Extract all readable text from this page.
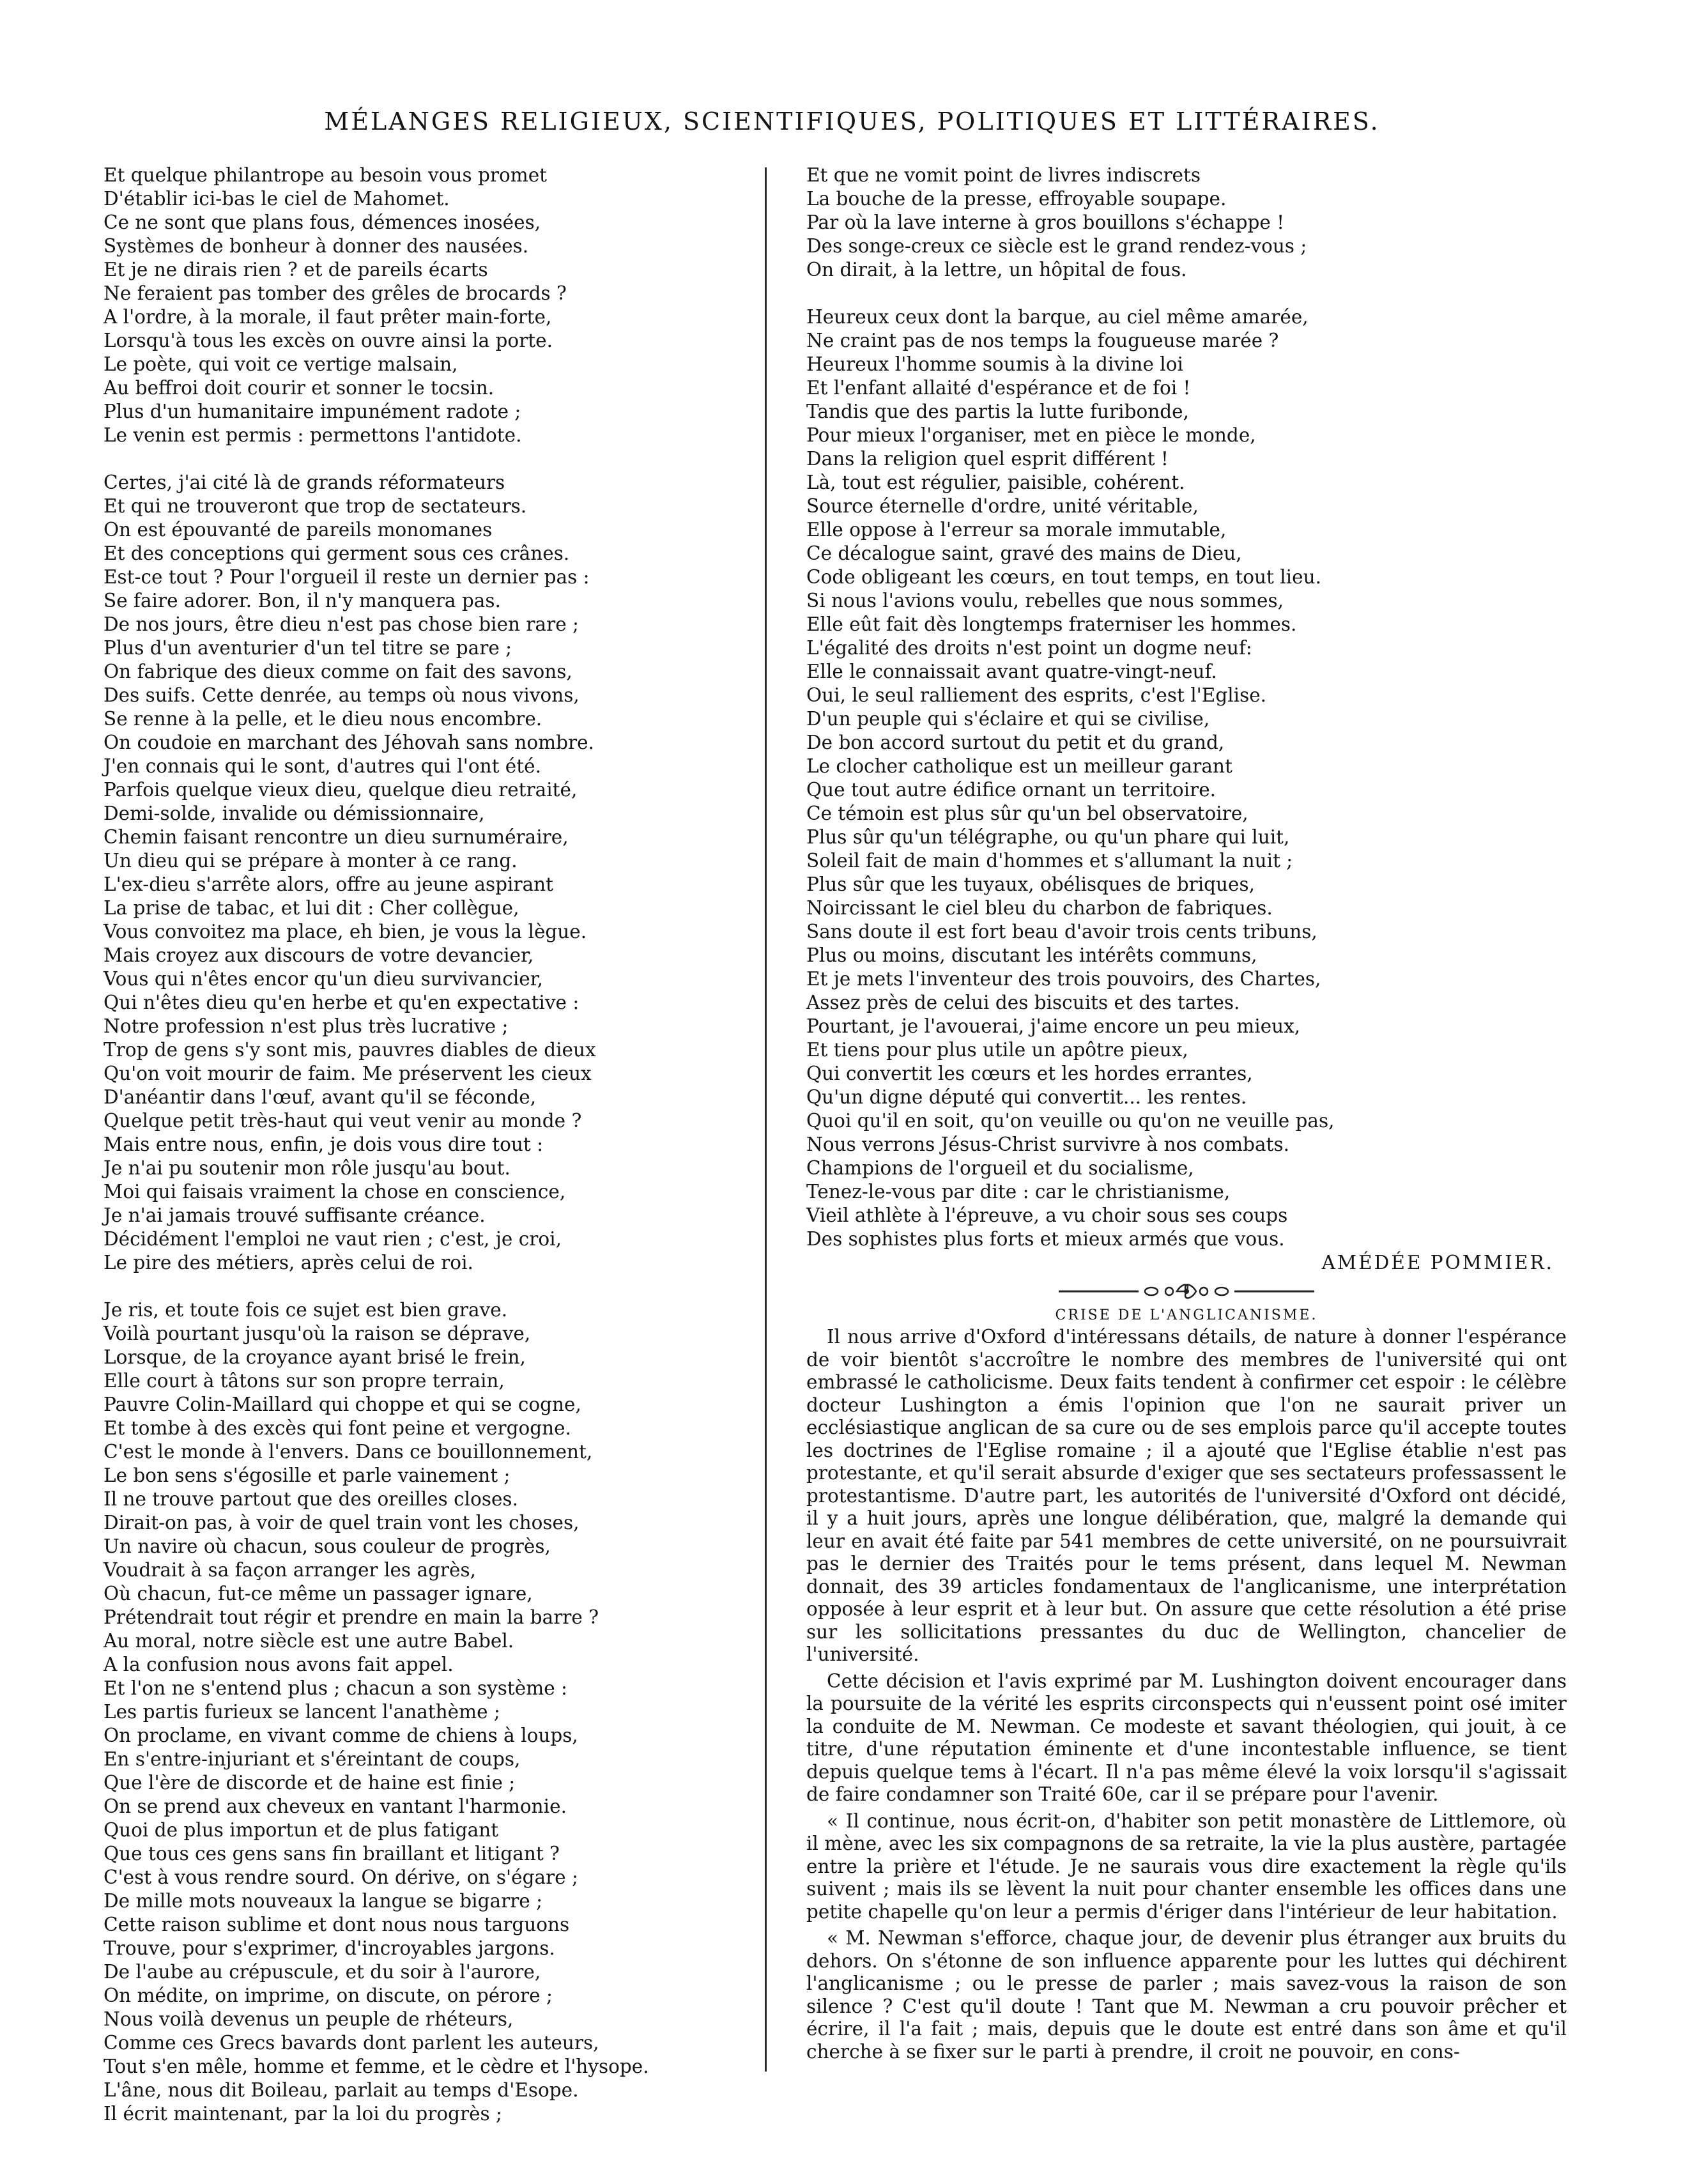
MÉLANGES RELIGIEUX, SCIENTIFIQUES, POLITIQUES ET LITTÉRAIRES.
Et quelque philantrope au besoin vous promet
D'établir ici-bas le ciel de Mahomet.
Ce ne sont que plans fous, démences inosées,
Systèmes de bonheur à donner des nausées.
Et je ne dirais rien ? et de pareils écarts
Ne feraient pas tomber des grêles de brocards ?
A l'ordre, à la morale, il faut prêter main-forte,
Lorsqu'à tous les excès on ouvre ainsi la porte.
Le poète, qui voit ce vertige malsain,
Au beffroi doit courir et sonner le tocsin.
Plus d'un humanitaire impunément radote ;
Le venin est permis : permettons l'antidote.
Certes, j'ai cité là de grands réformateurs
Et qui ne trouveront que trop de sectateurs.
On est épouvanté de pareils monomanes
Et des conceptions qui germent sous ces crânes.
Est-ce tout ? Pour l'orgueil il reste un dernier pas :
Se faire adorer. Bon, il n'y manquera pas.
De nos jours, être dieu n'est pas chose bien rare ;
Plus d'un aventurier d'un tel titre se pare ;
On fabrique des dieux comme on fait des savons,
Des suifs. Cette denrée, au temps où nous vivons,
Se renne à la pelle, et le dieu nous encombre.
On coudoie en marchant des Jéhovah sans nombre.
J'en connais qui le sont, d'autres qui l'ont été.
Parfois quelque vieux dieu, quelque dieu retraité,
Demi-solde, invalide ou démissionnaire,
Chemin faisant rencontre un dieu surnuméraire,
Un dieu qui se prépare à monter à ce rang.
L'ex-dieu s'arrête alors, offre au jeune aspirant
La prise de tabac, et lui dit : Cher collègue,
Vous convoitez ma place, eh bien, je vous la lègue.
Mais croyez aux discours de votre devancier,
Vous qui n'êtes encor qu'un dieu survivancier,
Qui n'êtes dieu qu'en herbe et qu'en expectative :
Notre profession n'est plus très lucrative ;
Trop de gens s'y sont mis, pauvres diables de dieux
Qu'on voit mourir de faim. Me préservent les cieux
D'anéantir dans l'œuf, avant qu'il se féconde,
Quelque petit très-haut qui veut venir au monde ?
Mais entre nous, enfin, je dois vous dire tout :
Je n'ai pu soutenir mon rôle jusqu'au bout.
Moi qui faisais vraiment la chose en conscience,
Je n'ai jamais trouvé suffisante créance.
Décidément l'emploi ne vaut rien ; c'est, je croi,
Le pire des métiers, après celui de roi.
Je ris, et toute fois ce sujet est bien grave.
Voilà pourtant jusqu'où la raison se déprave,
Lorsque, de la croyance ayant brisé le frein,
Elle court à tâtons sur son propre terrain,
Pauvre Colin-Maillard qui choppe et qui se cogne,
Et tombe à des excès qui font peine et vergogne.
C'est le monde à l'envers. Dans ce bouillonnement,
Le bon sens s'égosille et parle vainement ;
Il ne trouve partout que des oreilles closes.
Dirait-on pas, à voir de quel train vont les choses,
Un navire où chacun, sous couleur de progrès,
Voudrait à sa façon arranger les agrès,
Où chacun, fut-ce même un passager ignare,
Prétendrait tout régir et prendre en main la barre ?
Au moral, notre siècle est une autre Babel.
A la confusion nous avons fait appel.
Et l'on ne s'entend plus ; chacun a son système :
Les partis furieux se lancent l'anathème ;
On proclame, en vivant comme de chiens à loups,
En s'entre-injuriant et s'éreintant de coups,
Que l'ère de discorde et de haine est finie ;
On se prend aux cheveux en vantant l'harmonie.
Quoi de plus importun et de plus fatigant
Que tous ces gens sans fin braillant et litigant ?
C'est à vous rendre sourd. On dérive, on s'égare ;
De mille mots nouveaux la langue se bigarre ;
Cette raison sublime et dont nous nous targuons
Trouve, pour s'exprimer, d'incroyables jargons.
De l'aube au crépuscule, et du soir à l'aurore,
On médite, on imprime, on discute, on pérore ;
Nous voilà devenus un peuple de rhéteurs,
Comme ces Grecs bavards dont parlent les auteurs,
Tout s'en mêle, homme et femme, et le cèdre et l'hysope.
L'âne, nous dit Boileau, parlait au temps d'Esope.
Il écrit maintenant, par la loi du progrès ;
Et que ne vomit point de livres indiscrets
La bouche de la presse, effroyable soupape.
Par où la lave interne à gros bouillons s'échappe !
Des songe-creux ce siècle est le grand rendez-vous ;
On dirait, à la lettre, un hôpital de fous.
Heureux ceux dont la barque, au ciel même amarée,
Ne craint pas de nos temps la fougueuse marée ?
Heureux l'homme soumis à la divine loi
Et l'enfant allaité d'espérance et de foi !
Tandis que des partis la lutte furibonde,
Pour mieux l'organiser, met en pièce le monde,
Dans la religion quel esprit différent !
Là, tout est régulier, paisible, cohérent.
Source éternelle d'ordre, unité véritable,
Elle oppose à l'erreur sa morale immutable,
Ce décalogue saint, gravé des mains de Dieu,
Code obligeant les cœurs, en tout temps, en tout lieu.
Si nous l'avions voulu, rebelles que nous sommes,
Elle eût fait dès longtemps fraterniser les hommes.
L'égalité des droits n'est point un dogme neuf:
Elle le connaissait avant quatre-vingt-neuf.
Oui, le seul ralliement des esprits, c'est l'Eglise.
D'un peuple qui s'éclaire et qui se civilise,
De bon accord surtout du petit et du grand,
Le clocher catholique est un meilleur garant
Que tout autre édifice ornant un territoire.
Ce témoin est plus sûr qu'un bel observatoire,
Plus sûr qu'un télégraphe, ou qu'un phare qui luit,
Soleil fait de main d'hommes et s'allumant la nuit ;
Plus sûr que les tuyaux, obélisques de briques,
Noircissant le ciel bleu du charbon de fabriques.
Sans doute il est fort beau d'avoir trois cents tribuns,
Plus ou moins, discutant les intérêts communs,
Et je mets l'inventeur des trois pouvoirs, des Chartes,
Assez près de celui des biscuits et des tartes.
Pourtant, je l'avouerai, j'aime encore un peu mieux,
Et tiens pour plus utile un apôtre pieux,
Qui convertit les cœurs et les hordes errantes,
Qu'un digne député qui convertit... les rentes.
Quoi qu'il en soit, qu'on veuille ou qu'on ne veuille pas,
Nous verrons Jésus-Christ survivre à nos combats.
Champions de l'orgueil et du socialisme,
Tenez-le-vous par dite : car le christianisme,
Vieil athlète à l'épreuve, a vu choir sous ses coups
Des sophistes plus forts et mieux armés que vous.
AMÉDÉE POMMIER.
CRISE DE L'ANGLICANISME.

Il nous arrive d'Oxford d'intéressans détails, de nature à donner l'espérance de voir bientôt s'accroître le nombre des membres de l'université qui ont embrassé le catholicisme. Deux faits tendent à confirmer cet espoir : le célèbre docteur Lushington a émis l'opinion que l'on ne saurait priver un ecclésiastique anglican de sa cure ou de ses emplois parce qu'il accepte toutes les doctrines de l'Eglise romaine ; il a ajouté que l'Eglise établie n'est pas protestante, et qu'il serait absurde d'exiger que ses sectateurs professassent le protestantisme. D'autre part, les autorités de l'université d'Oxford ont décidé, il y a huit jours, après une longue délibération, que, malgré la demande qui leur en avait été faite par 541 membres de cette université, on ne poursuivrait pas le dernier des Traités pour le tems présent, dans lequel M. Newman donnait, des 39 articles fondamentaux de l'anglicanisme, une interprétation opposée à leur esprit et à leur but. On assure que cette résolution a été prise sur les sollicitations pressantes du duc de Wellington, chancelier de l'université.

Cette décision et l'avis exprimé par M. Lushington doivent encourager dans la poursuite de la vérité les esprits circonspects qui n'eussent point osé imiter la conduite de M. Newman. Ce modeste et savant théologien, qui jouit, à ce titre, d'une réputation éminente et d'une incontestable influence, se tient depuis quelque tems à l'écart. Il n'a pas même élevé la voix lorsqu'il s'agissait de faire condamner son Traité 60e, car il se prépare pour l'avenir.

« Il continue, nous écrit-on, d'habiter son petit monastère de Littlemore, où il mène, avec les six compagnons de sa retraite, la vie la plus austère, partagée entre la prière et l'étude. Je ne saurais vous dire exactement la règle qu'ils suivent ; mais ils se lèvent la nuit pour chanter ensemble les offices dans une petite chapelle qu'on leur a permis d'ériger dans l'intérieur de leur habitation.

« M. Newman s'efforce, chaque jour, de devenir plus étranger aux bruits du dehors. On s'étonne de son influence apparente pour les luttes qui déchirent l'anglicanisme ; ou le presse de parler ; mais savez-vous la raison de son silence ? C'est qu'il doute ! Tant que M. Newman a cru pouvoir prêcher et écrire, il l'a fait ; mais, depuis que le doute est entré dans son âme et qu'il cherche à se fixer sur le parti à prendre, il croit ne pouvoir, en cons-
